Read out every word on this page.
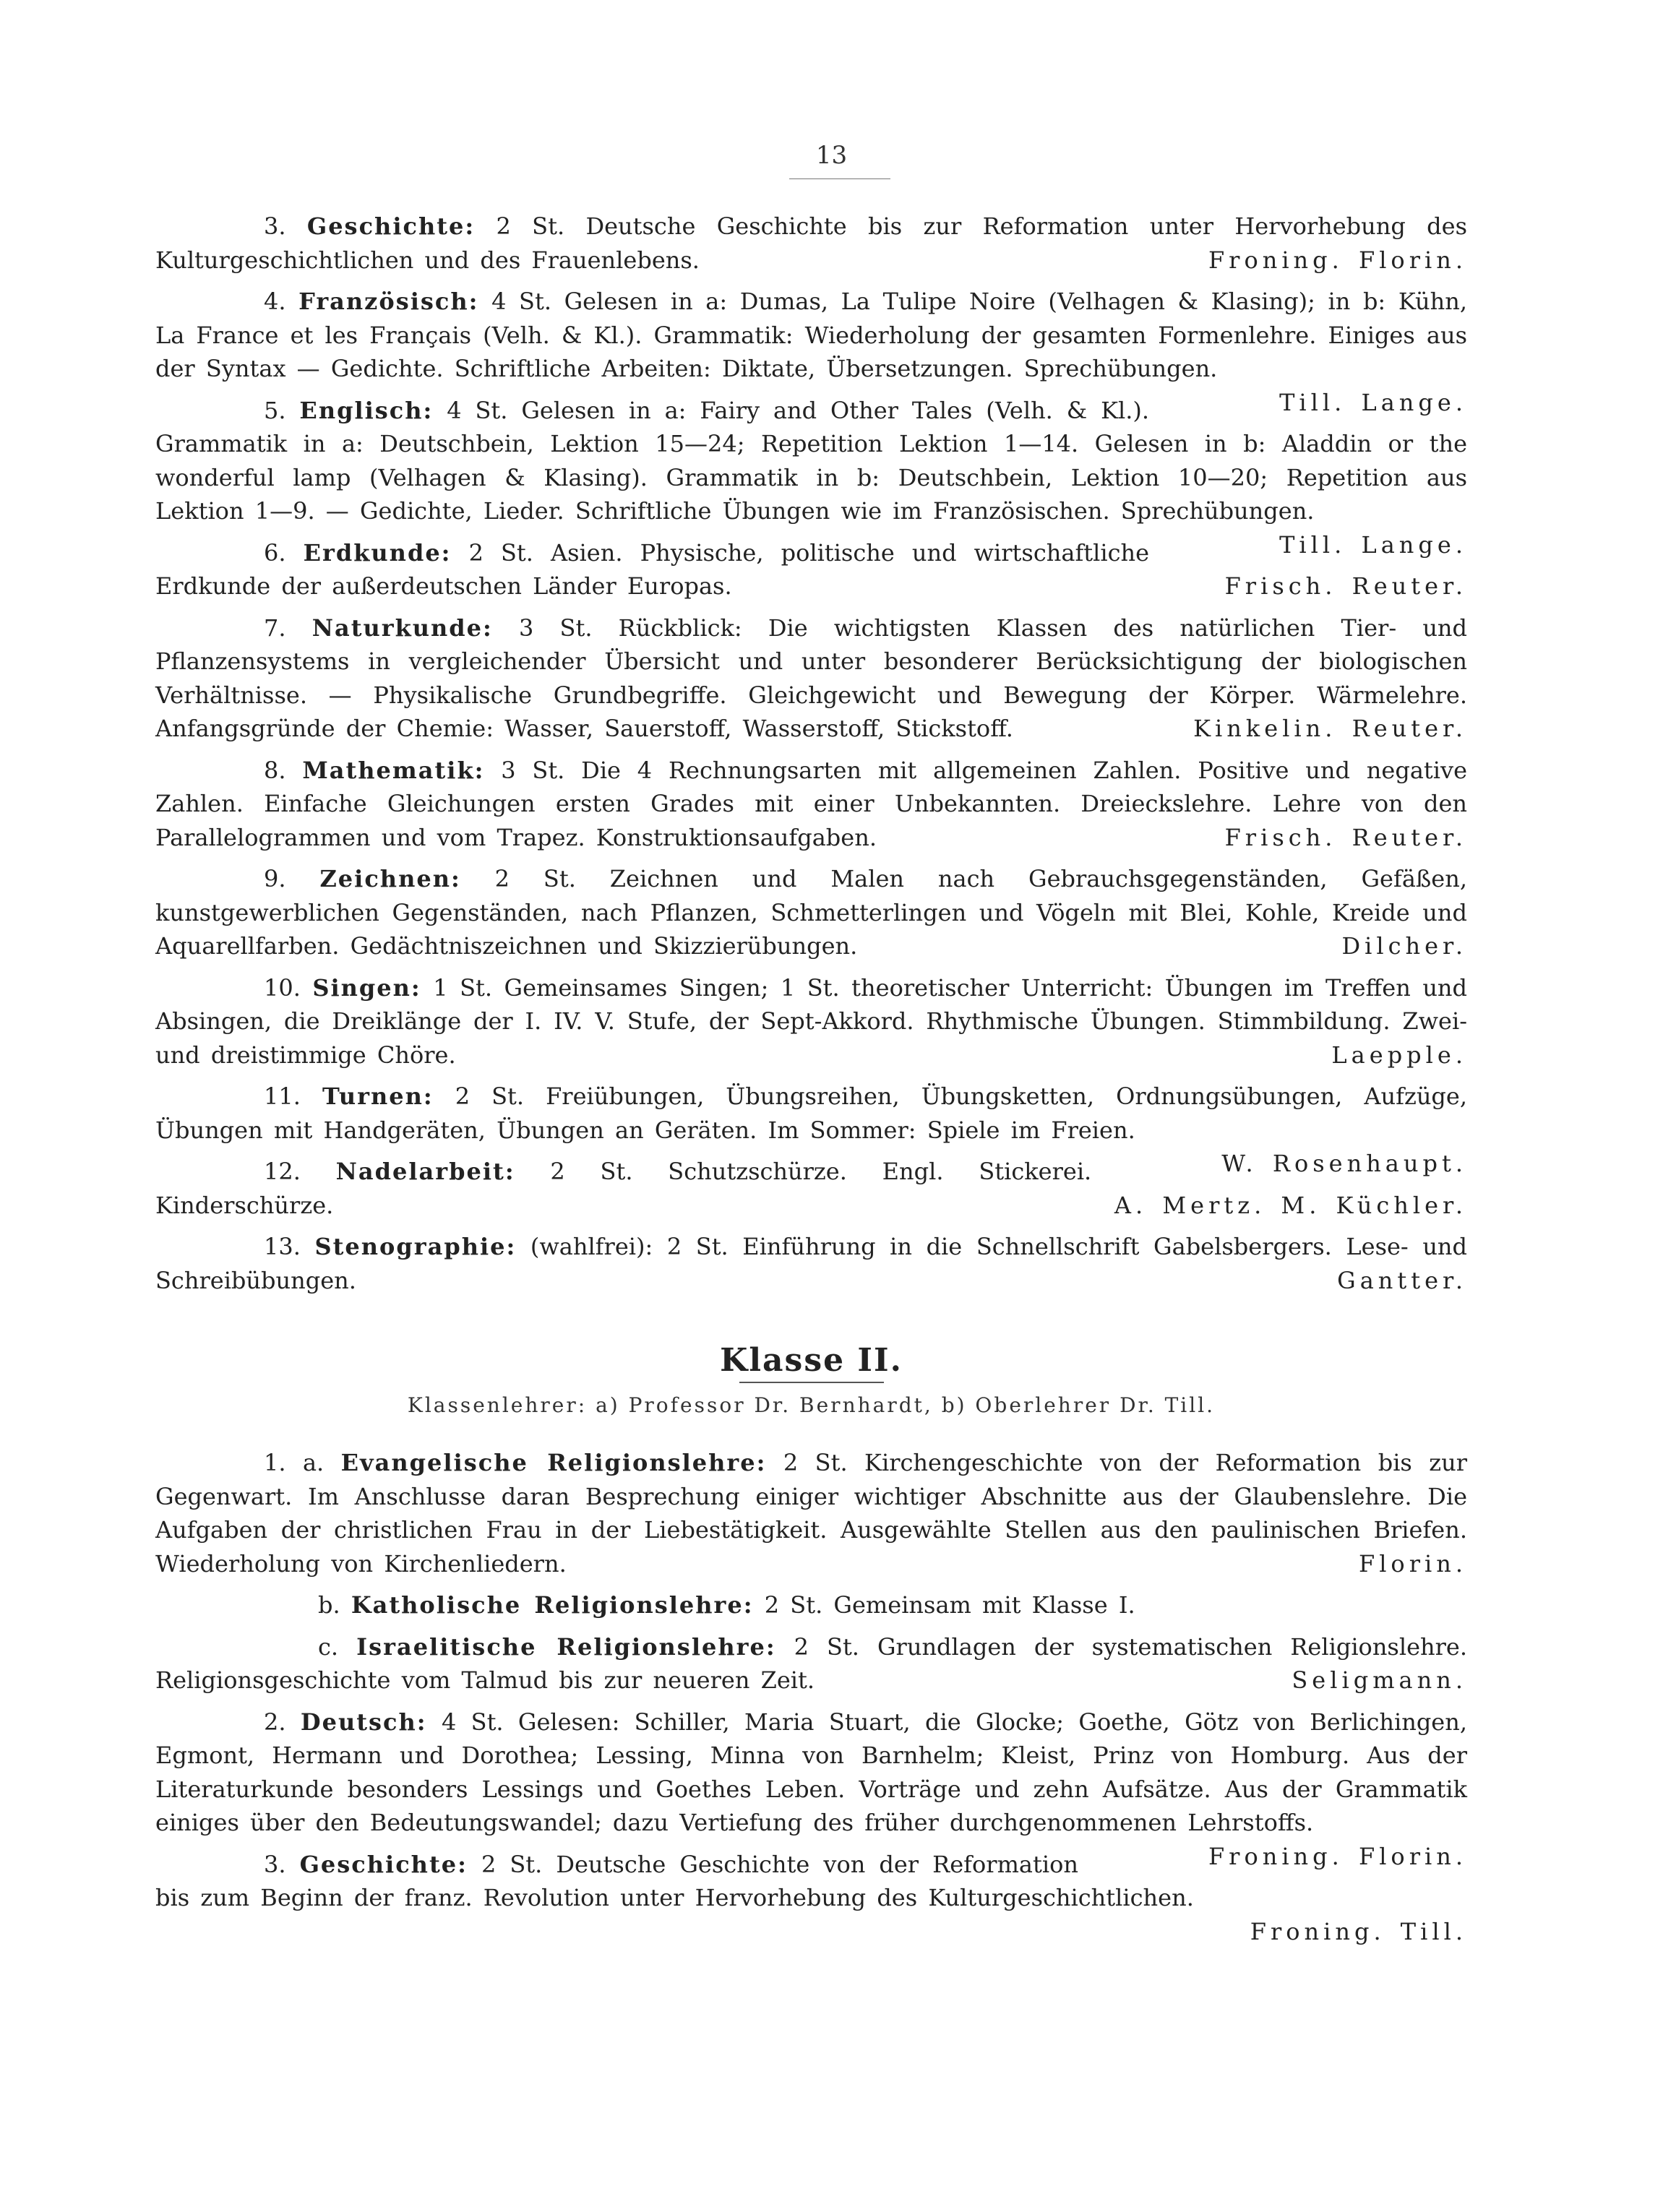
13

3. Geschichte: 2 St. Deutsche Geschichte bis zur Reformation unter Hervorhebung des Kulturgeschichtlichen und des Frauenlebens.	Froning. Florin.

4. Französisch: 4 St. Gelesen in a: Dumas, La Tulipe Noire (Velhagen & Klasing); in b: Kühn, La France et les Français (Velh. & Kl.). Grammatik: Wiederholung der gesamten Formenlehre. Einiges aus der Syntax — Gedichte. Schriftliche Arbeiten: Diktate, Übersetzungen. Sprechübungen.
Till. Lange.

5. Englisch: 4 St. Gelesen in a: Fairy and Other Tales (Velh. & Kl.). Grammatik in a: Deutschbein, Lektion 15—24; Repetition Lektion 1—14. Gelesen in b: Aladdin or the wonderful lamp (Velhagen & Klasing). Grammatik in b: Deutschbein, Lektion 10—20; Repetition aus Lektion 1—9. — Gedichte, Lieder. Schriftliche Übungen wie im Französischen. Sprechübungen.
Till. Lange.

6. Erdkunde: 2 St. Asien. Physische, politische und wirtschaftliche Erdkunde der außerdeutschen Länder Europas.	Frisch. Reuter.

7. Naturkunde: 3 St. Rückblick: Die wichtigsten Klassen des natürlichen Tier- und Pflanzensystems in vergleichender Übersicht und unter besonderer Berücksichtigung der biologischen Verhältnisse. — Physikalische Grundbegriffe. Gleichgewicht und Bewegung der Körper. Wärmelehre. Anfangsgründe der Chemie: Wasser, Sauerstoff, Wasserstoff, Stickstoff.	Kinkelin. Reuter.

8. Mathematik: 3 St. Die 4 Rechnungsarten mit allgemeinen Zahlen. Positive und negative Zahlen. Einfache Gleichungen ersten Grades mit einer Unbekannten. Dreieckslehre. Lehre von den Parallelogrammen und vom Trapez. Konstruktionsaufgaben.	Frisch. Reuter.

9. Zeichnen: 2 St. Zeichnen und Malen nach Gebrauchsgegenständen, Gefäßen, kunstgewerblichen Gegenständen, nach Pflanzen, Schmetterlingen und Vögeln mit Blei, Kohle, Kreide und Aquarellfarben. Gedächtniszeichnen und Skizzierübungen.	Dilcher.

10. Singen: 1 St. Gemeinsames Singen; 1 St. theoretischer Unterricht: Übungen im Treffen und Absingen, die Dreiklänge der I. IV. V. Stufe, der Sept-Akkord. Rhythmische Übungen. Stimmbildung. Zwei- und dreistimmige Chöre.	Laepple.

11. Turnen: 2 St. Freiübungen, Übungsreihen, Übungsketten, Ordnungsübungen, Aufzüge, Übungen mit Handgeräten, Übungen an Geräten. Im Sommer: Spiele im Freien.
W. Rosenhaupt.

12. Nadelarbeit: 2 St. Schutzschürze. Engl. Stickerei. Kinderschürze.	A. Mertz. M. Küchler.

13. Stenographie: (wahlfrei): 2 St. Einführung in die Schnellschrift Gabelsbergers. Lese- und Schreibübungen.	Gantter.

Klasse II.
Klassenlehrer: a) Professor Dr. Bernhardt, b) Oberlehrer Dr. Till.

1. a. Evangelische Religionslehre: 2 St. Kirchengeschichte von der Reformation bis zur Gegenwart. Im Anschlusse daran Besprechung einiger wichtiger Abschnitte aus der Glaubenslehre. Die Aufgaben der christlichen Frau in der Liebestätigkeit. Ausgewählte Stellen aus den paulinischen Briefen. Wiederholung von Kirchenliedern.	Florin.

b. Katholische Religionslehre: 2 St. Gemeinsam mit Klasse I.

c. Israelitische Religionslehre: 2 St. Grundlagen der systematischen Religionslehre. Religionsgeschichte vom Talmud bis zur neueren Zeit.	Seligmann.

2. Deutsch: 4 St. Gelesen: Schiller, Maria Stuart, die Glocke; Goethe, Götz von Berlichingen, Egmont, Hermann und Dorothea; Lessing, Minna von Barnhelm; Kleist, Prinz von Homburg. Aus der Literaturkunde besonders Lessings und Goethes Leben. Vorträge und zehn Aufsätze. Aus der Grammatik einiges über den Bedeutungswandel; dazu Vertiefung des früher durchgenommenen Lehrstoffs.
Froning. Florin.

3. Geschichte: 2 St. Deutsche Geschichte von der Reformation bis zum Beginn der franz. Revolution unter Hervorhebung des Kulturgeschichtlichen.
Froning. Till.
